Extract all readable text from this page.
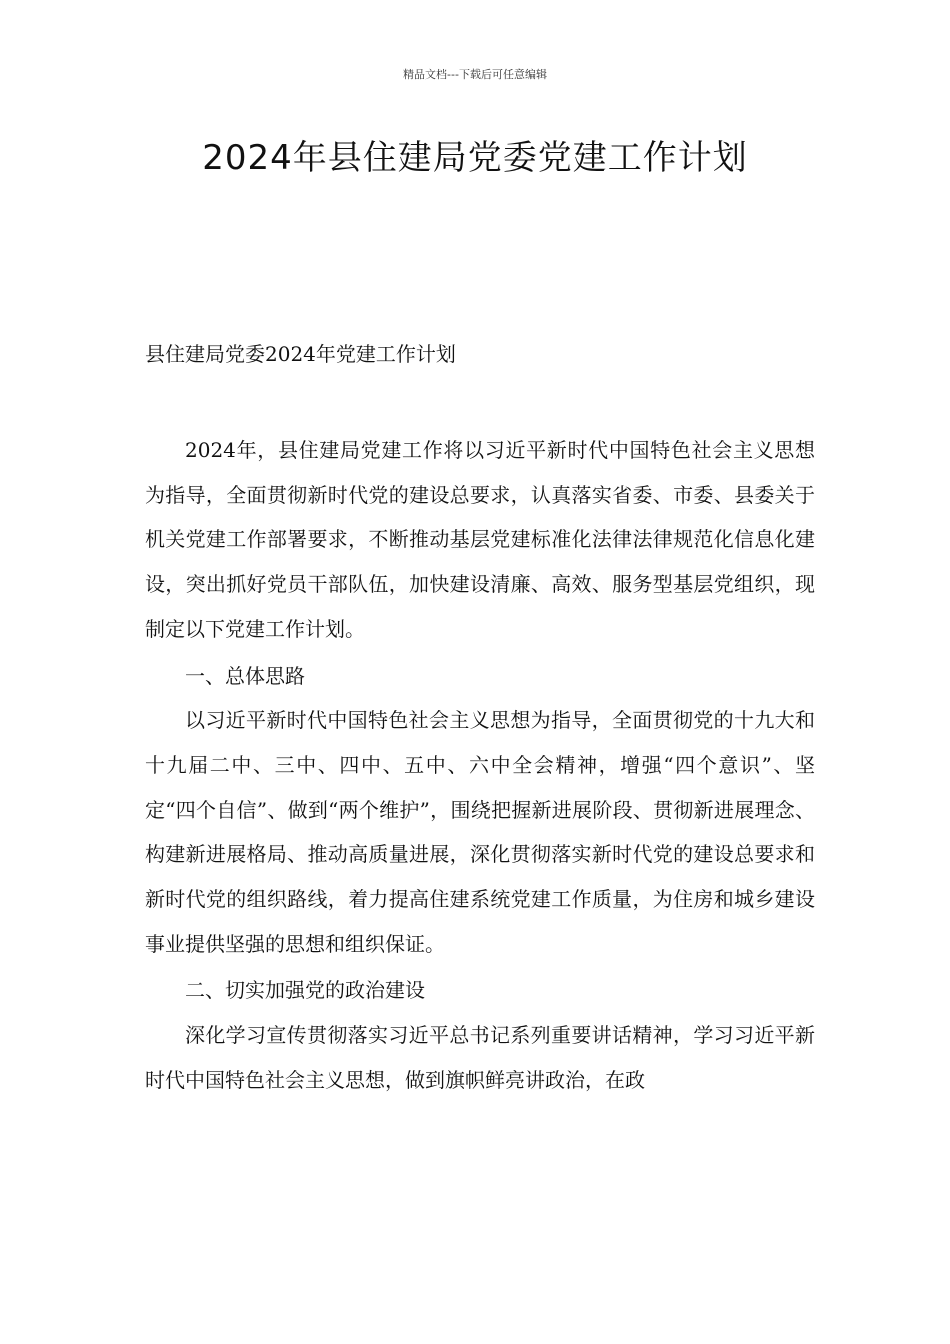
精品文档---下载后可任意编辑
2024年县住建局党委党建工作计划

县住建局党委2024年党建工作计划

2024年，县住建局党建工作将以习近平新时代中国特色社会主义思想为指导，全面贯彻新时代党的建设总要求，认真落实省委、市委、县委关于机关党建工作部署要求，不断推动基层党建标准化法律法律规范化信息化建设，突出抓好党员干部队伍，加快建设清廉、高效、服务型基层党组织，现制定以下党建工作计划。

一、总体思路

以习近平新时代中国特色社会主义思想为指导，全面贯彻党的十九大和十九届二中、三中、四中、五中、六中全会精神，增强“四个意识”、坚定“四个自信”、做到“两个维护”，围绕把握新进展阶段、贯彻新进展理念、构建新进展格局、推动高质量进展，深化贯彻落实新时代党的建设总要求和新时代党的组织路线，着力提高住建系统党建工作质量，为住房和城乡建设事业提供坚强的思想和组织保证。

二、切实加强党的政治建设

深化学习宣传贯彻落实习近平总书记系列重要讲话精神，学习习近平新时代中国特色社会主义思想，做到旗帜鲜亮讲政治，在政
